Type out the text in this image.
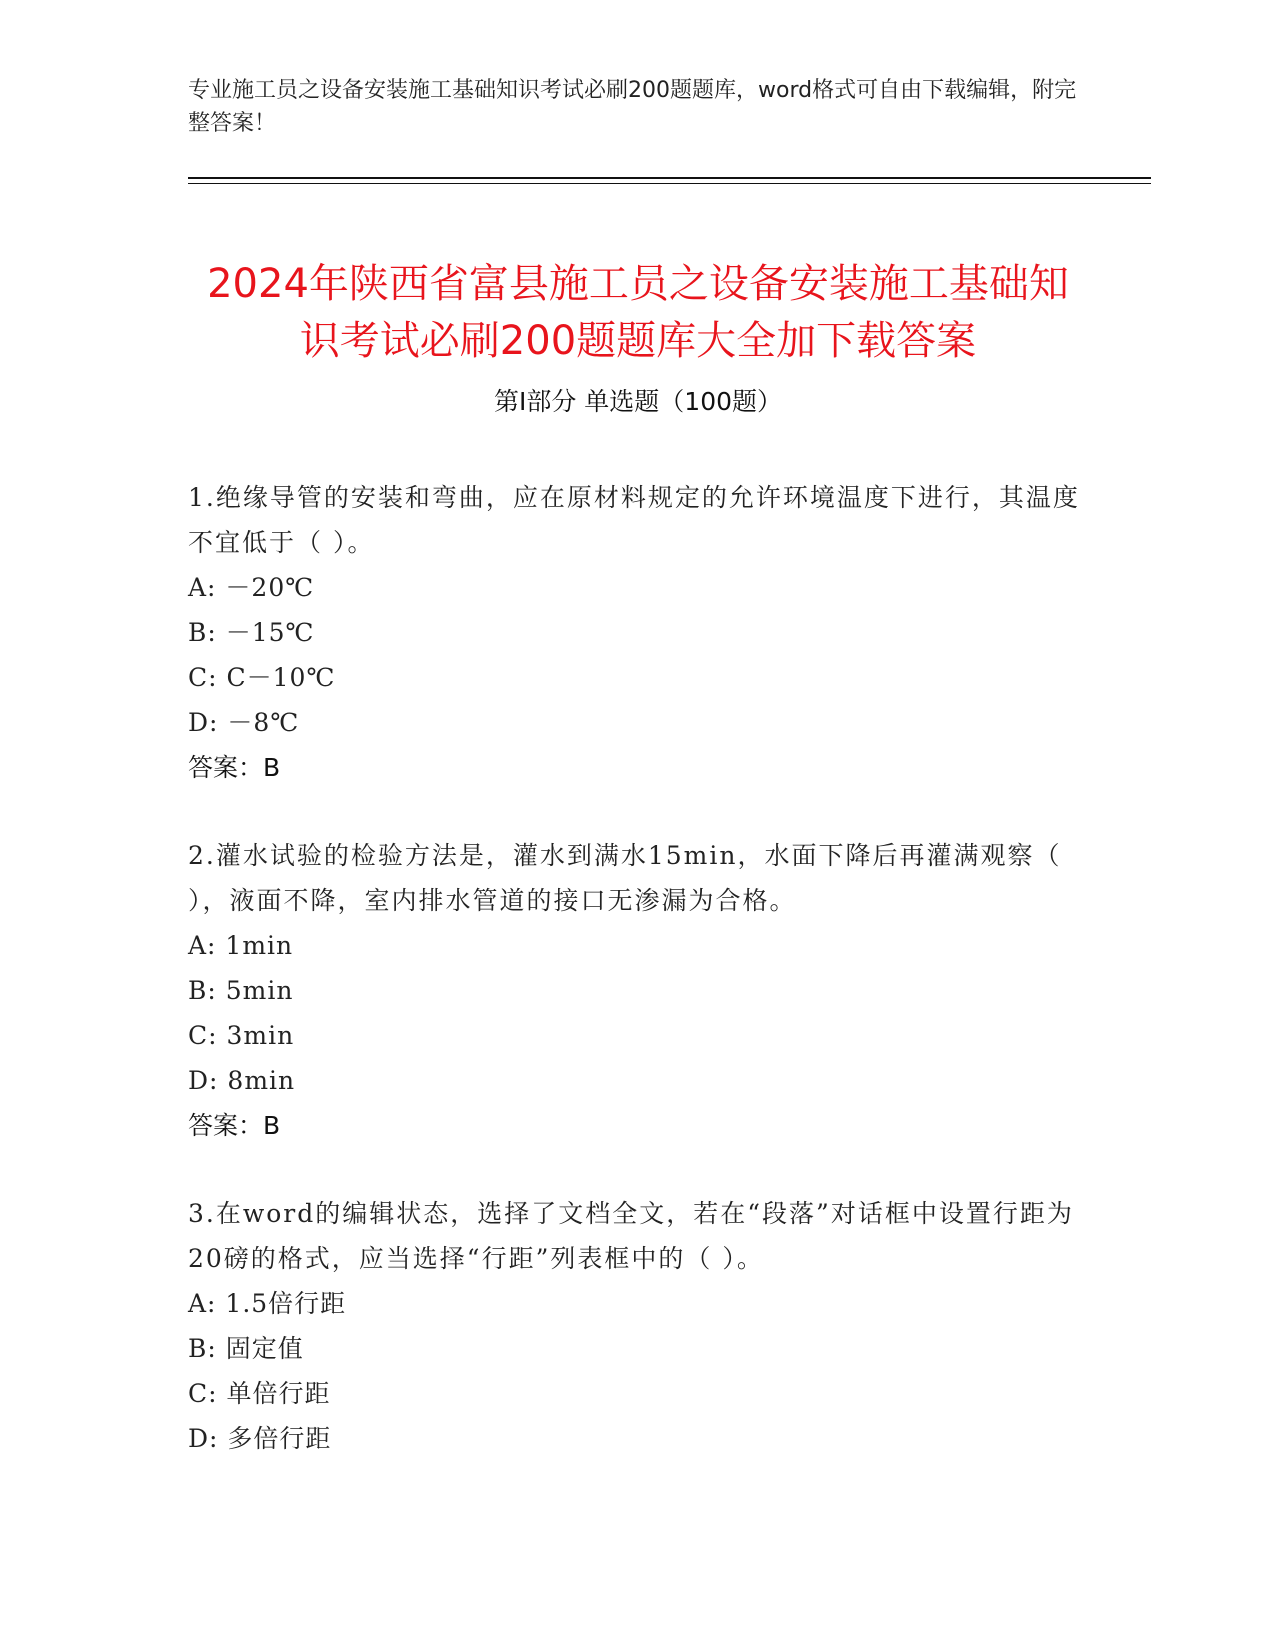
专业施工员之设备安装施工基础知识考试必刷200题题库，word格式可自由下载编辑，附完整答案！
2024年陕西省富县施工员之设备安装施工基础知识考试必刷200题题库大全加下载答案
第I部分 单选题（100题）

1.绝缘导管的安装和弯曲，应在原材料规定的允许环境温度下进行，其温度不宜低于（ ）。

A: －20℃
B: －15℃
C: C－10℃
D: －8℃
答案：B

2.灌水试验的检验方法是，灌水到满水15min，水面下降后再灌满观察（ ），液面不降，室内排水管道的接口无渗漏为合格。

A: 1min
B: 5min
C: 3min
D: 8min
答案：B

3.在word的编辑状态，选择了文档全文，若在“段落”对话框中设置行距为20磅的格式，应当选择“行距”列表框中的（ ）。

A: 1.5倍行距
B: 固定值
C: 单倍行距
D: 多倍行距
